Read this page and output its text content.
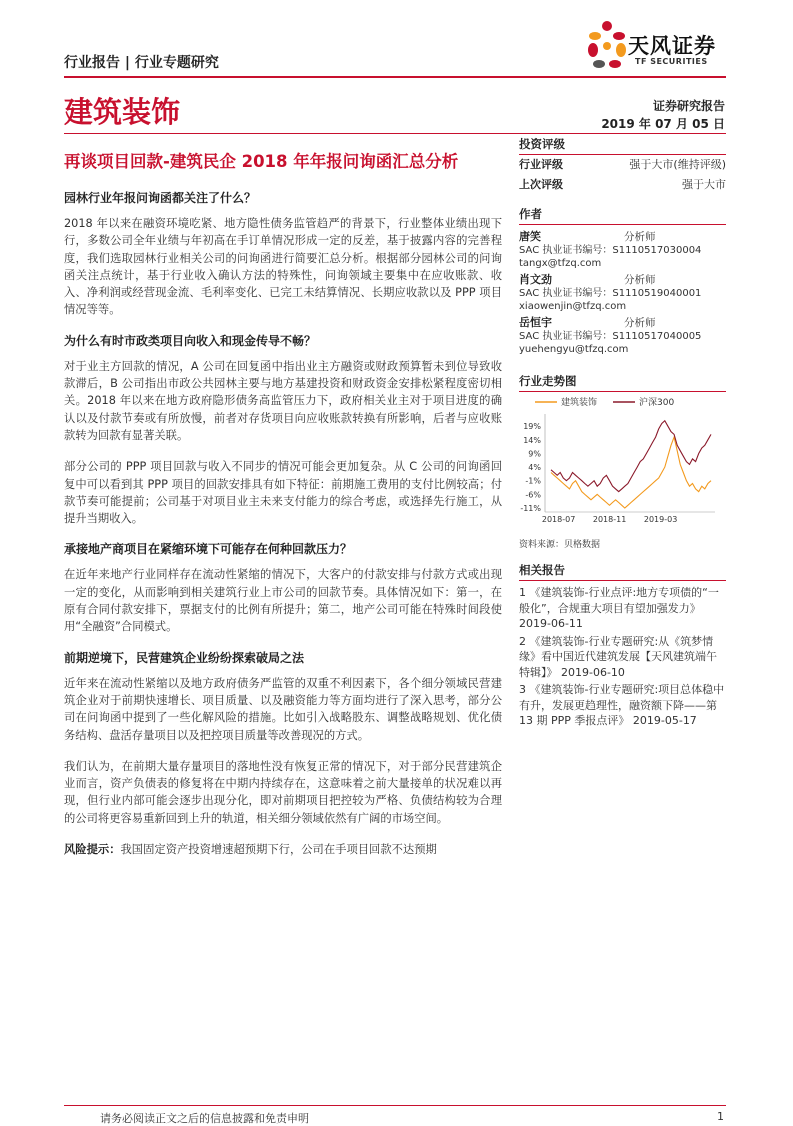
行业报告 | 行业专题研究
天风证券
TF SECURITIES
建筑装饰	证券研究报告
2019 年 07 月 05 日
再谈项目回款-建筑民企 2018 年年报问询函汇总分析
园林行业年报问询函都关注了什么？

2018 年以来在融资环境吃紧、地方隐性债务监管趋严的背景下，行业整体业绩出现下行，多数公司全年业绩与年初高在手订单情况形成一定的反差，基于披露内容的完善程度，我们选取园林行业相关公司的问询函进行简要汇总分析。根据部分园林公司的问询函关注点统计，基于行业收入确认方法的特殊性，问询领域主要集中在应收账款、收入、净利润或经营现金流、毛利率变化、已完工未结算情况、长期应收款以及 PPP 项目情况等等。

为什么有时市政类项目向收入和现金传导不畅？

对于业主方回款的情况，A 公司在回复函中指出业主方融资或财政预算暂未到位导致收款滞后，B 公司指出市政公共园林主要与地方基建投资和财政资金安排松紧程度密切相关。2018 年以来在地方政府隐形债务高监管压力下，政府相关业主对于项目进度的确认以及付款节奏或有所放慢，前者对存货项目向应收账款转换有所影响，后者与应收账款转为回款有显著关联。

部分公司的 PPP 项目回款与收入不同步的情况可能会更加复杂。从 C 公司的问询函回复中可以看到其 PPP 项目的回款安排具有如下特征：前期施工费用的支付比例较高；付款节奏可能提前；公司基于对项目业主未来支付能力的综合考虑，或选择先行施工，从提升当期收入。

承接地产商项目在紧缩环境下可能存在何种回款压力？

在近年来地产行业同样存在流动性紧缩的情况下，大客户的付款安排与付款方式或出现一定的变化，从而影响到相关建筑行业上市公司的回款节奏。具体情况如下：第一，在原有合同付款安排下，票据支付的比例有所提升；第二，地产公司可能在特殊时间段使用“全融资”合同模式。

前期逆境下，民营建筑企业纷纷探索破局之法

近年来在流动性紧缩以及地方政府债务严监管的双重不利因素下，各个细分领域民营建筑企业对于前期快速增长、项目质量、以及融资能力等方面均进行了深入思考，部分公司在问询函中提到了一些化解风险的措施。比如引入战略股东、调整战略规划、优化债务结构、盘活存量项目以及把控项目质量等改善现况的方式。

我们认为，在前期大量存量项目的落地性没有恢复正常的情况下，对于部分民营建筑企业而言，资产负债表的修复将在中期内持续存在，这意味着之前大量接单的状况难以再现，但行业内部可能会逐步出现分化，即对前期项目把控较为严格、负债结构较为合理的公司将更容易重新回到上升的轨道，相关细分领域依然有广阔的市场空间。

风险提示：我国固定资产投资增速超预期下行，公司在手项目回款不达预期

投资评级
行业评级	强于大市(维持评级)
上次评级	强于大市
作者
唐笑	分析师
SAC 执业证书编号：S1110517030004
tangx@tfzq.com
肖文劲	分析师
SAC 执业证书编号：S1110519040001
xiaowenjin@tfzq.com
岳恒宇	分析师
SAC 执业证书编号：S1110517040005
yuehengyu@tfzq.com
行业走势图
建筑装饰	沪深300
19%
14%
9%
4%
-1%
-6%
-11%
2018-07 2018-11 2019-03
资料来源：贝格数据
相关报告

1 《建筑装饰-行业点评:地方专项债的“一般化”，合规重大项目有望加强发力》 2019-06-11

2 《建筑装饰-行业专题研究:从《筑梦情缘》看中国近代建筑发展【天风建筑端午特辑】》 2019-06-10

3 《建筑装饰-行业专题研究:项目总体稳中有升，发展更趋理性，融资额下降——第 13 期 PPP 季报点评》 2019-05-17

请务必阅读正文之后的信息披露和免责申明	1
